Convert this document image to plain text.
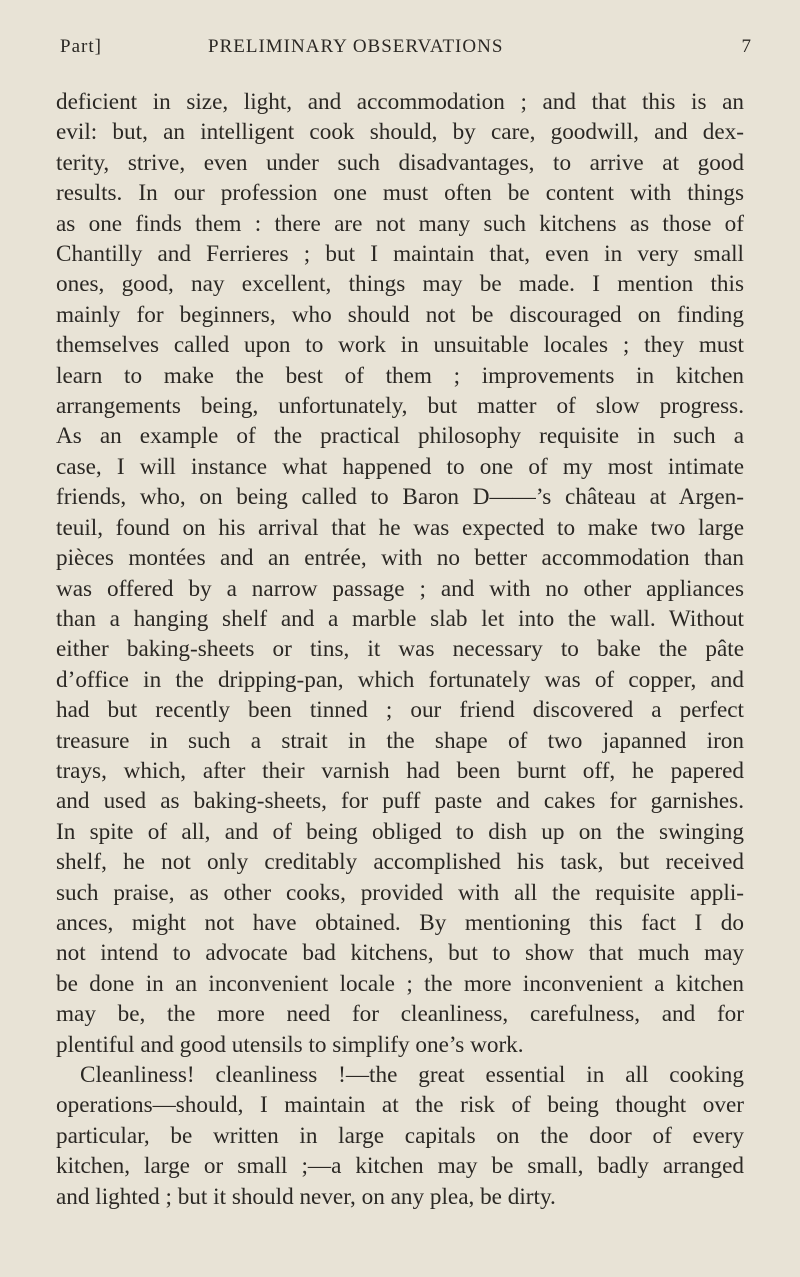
Part]	PRELIMINARY OBSERVATIONS	7
deficient in size, light, and accommodation ; and that this is an
evil: but, an intelligent cook should, by care, goodwill, and dex-
terity, strive, even under such disadvantages, to arrive at good
results. In our profession one must often be content with things
as one finds them : there are not many such kitchens as those of
Chantilly and Ferrieres ; but I maintain that, even in very small
ones, good, nay excellent, things may be made. I mention this
mainly for beginners, who should not be discouraged on finding
themselves called upon to work in unsuitable locales ; they must
learn to make the best of them ; improvements in kitchen
arrangements being, unfortunately, but matter of slow progress.
As an example of the practical philosophy requisite in such a
case, I will instance what happened to one of my most intimate
friends, who, on being called to Baron D——’s château at Argen-
teuil, found on his arrival that he was expected to make two large
pièces montées and an entrée, with no better accommodation than
was offered by a narrow passage ; and with no other appliances
than a hanging shelf and a marble slab let into the wall. Without
either baking-sheets or tins, it was necessary to bake the pâte
d’office in the dripping-pan, which fortunately was of copper, and
had but recently been tinned ; our friend discovered a perfect
treasure in such a strait in the shape of two japanned iron
trays, which, after their varnish had been burnt off, he papered
and used as baking-sheets, for puff paste and cakes for garnishes.
In spite of all, and of being obliged to dish up on the swinging
shelf, he not only creditably accomplished his task, but received
such praise, as other cooks, provided with all the requisite appli-
ances, might not have obtained. By mentioning this fact I do
not intend to advocate bad kitchens, but to show that much may
be done in an inconvenient locale ; the more inconvenient a kitchen
may be, the more need for cleanliness, carefulness, and for
plentiful and good utensils to simplify one’s work.
Cleanliness! cleanliness !—the great essential in all cooking
operations—should, I maintain at the risk of being thought over
particular, be written in large capitals on the door of every
kitchen, large or small ;—a kitchen may be small, badly arranged
and lighted ; but it should never, on any plea, be dirty.
